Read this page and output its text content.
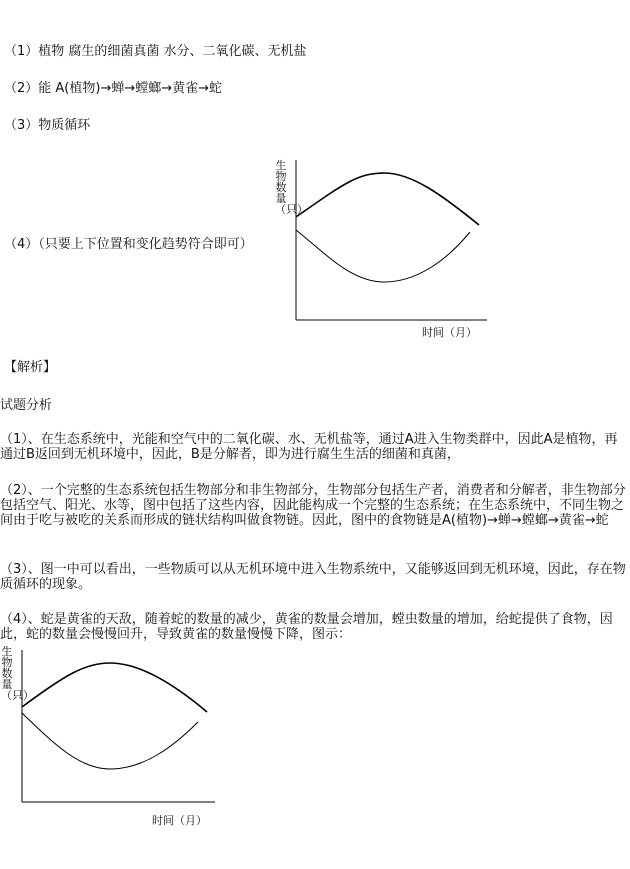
（1）植物 腐生的细菌真菌 水分、二氧化碳、无机盐
（2）能 A(植物)→蝉→螳螂→黄雀→蛇
（3）物质循环
（4）（只要上下位置和变化趋势符合即可）
生物数量（只）
时间（月）
【解析】
试题分析
（1）、在生态系统中，光能和空气中的二氧化碳、水、无机盐等，通过A进入生物类群中，因此A是植物，再通过B返回到无机环境中，因此，B是分解者，即为进行腐生生活的细菌和真菌，
（2）、一个完整的生态系统包括生物部分和非生物部分，生物部分包括生产者，消费者和分解者，非生物部分包括空气、阳光、水等，图中包括了这些内容，因此能构成一个完整的生态系统；在生态系统中，不同生物之间由于吃与被吃的关系而形成的链状结构叫做食物链。因此，图中的食物链是A(植物)→蝉→螳螂→黄雀→蛇
（3）、图一中可以看出，一些物质可以从无机环境中进入生物系统中，又能够返回到无机环境，因此，存在物质循环的现象。
（4）、蛇是黄雀的天敌，随着蛇的数量的减少，黄雀的数量会增加，螳虫数量的增加，给蛇提供了食物，因此，蛇的数量会慢慢回升，导致黄雀的数量慢慢下降，图示：
生物数量（只）
时间（月）
